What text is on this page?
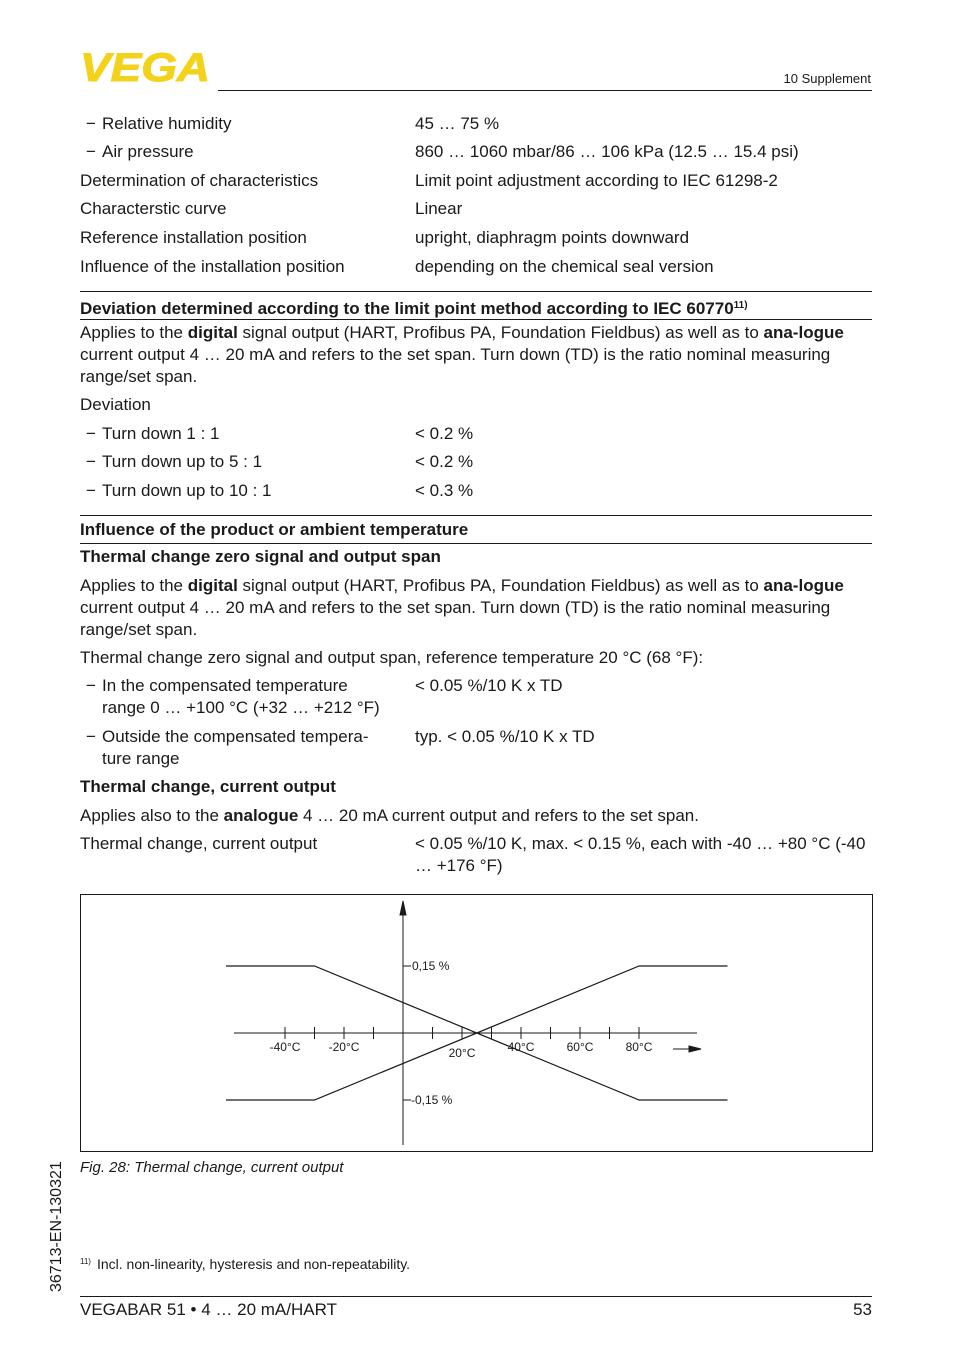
VEGA	10 Supplement
− Relative humidity	45 … 75 %
− Air pressure	860 … 1060 mbar/86 … 106 kPa (12.5 … 15.4 psi)
Determination of characteristics	Limit point adjustment according to IEC 61298-2
Characterstic curve	Linear
Reference installation position	upright, diaphragm points downward
Influence of the installation position	depending on the chemical seal version
Deviation determined according to the limit point method according to IEC 60770$^{11)}$
Applies to the digital signal output (HART, Profibus PA, Foundation Fieldbus) as well as to ana-logue current output 4 … 20 mA and refers to the set span. Turn down (TD) is the ratio nominal measuring range/set span.
Deviation
− Turn down 1 : 1	< 0.2 %
− Turn down up to 5 : 1	< 0.2 %
− Turn down up to 10 : 1	< 0.3 %
Influence of the product or ambient temperature
Thermal change zero signal and output span
Applies to the digital signal output (HART, Profibus PA, Foundation Fieldbus) as well as to ana-logue current output 4 … 20 mA and refers to the set span. Turn down (TD) is the ratio nominal measuring range/set span.
Thermal change zero signal and output span, reference temperature 20 °C (68 °F):
− In the compensated temperature range 0 … +100 °C (+32 … +212 °F)
< 0.05 %/10 K x TD
− Outside the compensated tempera-ture range
typ. < 0.05 %/10 K x TD
Thermal change, current output
Applies also to the analogue 4 … 20 mA current output and refers to the set span.
Thermal change, current output	< 0.05 %/10 K, max. < 0.15 %, each with -40 … +80 °C (-40 … +176 °F)
-40°C -20°C	20°C	40°C	60°C	80°C
0,15 %
-0,15 %
Fig. 28: Thermal change, current output
$^{11)}$ Incl. non-linearity, hysteresis and non-repeatability.
36713-EN-130321
VEGABAR 51 • 4 … 20 mA/HART	53
